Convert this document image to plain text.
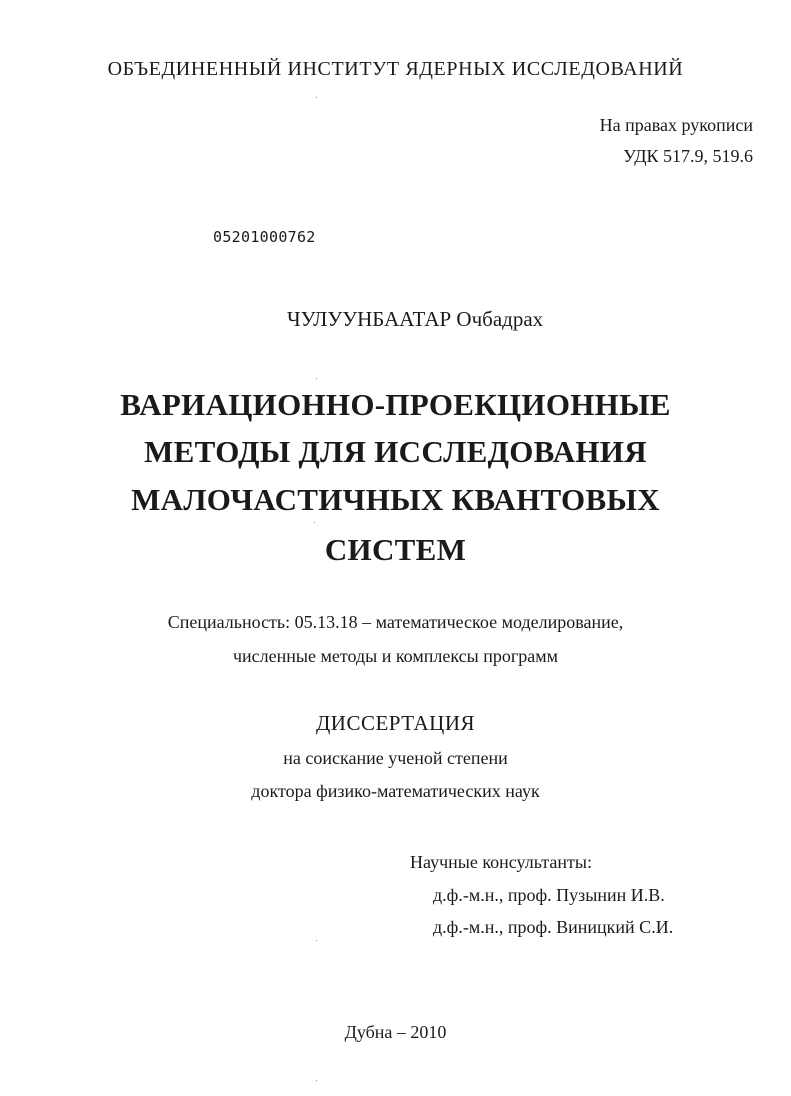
ОБЪЕДИНЕННЫЙ ИНСТИТУТ ЯДЕРНЫХ ИССЛЕДОВАНИЙ
На правах рукописи
УДК 517.9, 519.6
05201000762
ЧУЛУУНБААТАР Очбадрах
ВАРИАЦИОННО-ПРОЕКЦИОННЫЕ
МЕТОДЫ ДЛЯ ИССЛЕДОВАНИЯ
МАЛОЧАСТИЧНЫХ КВАНТОВЫХ
СИСТЕМ
Специальность: 05.13.18 – математическое моделирование,
численные методы и комплексы программ
ДИССЕРТАЦИЯ
на соискание ученой степени
доктора физико-математических наук
Научные консультанты:
д.ф.-м.н., проф. Пузынин И.В.
д.ф.-м.н., проф. Виницкий С.И.
Дубна – 2010
